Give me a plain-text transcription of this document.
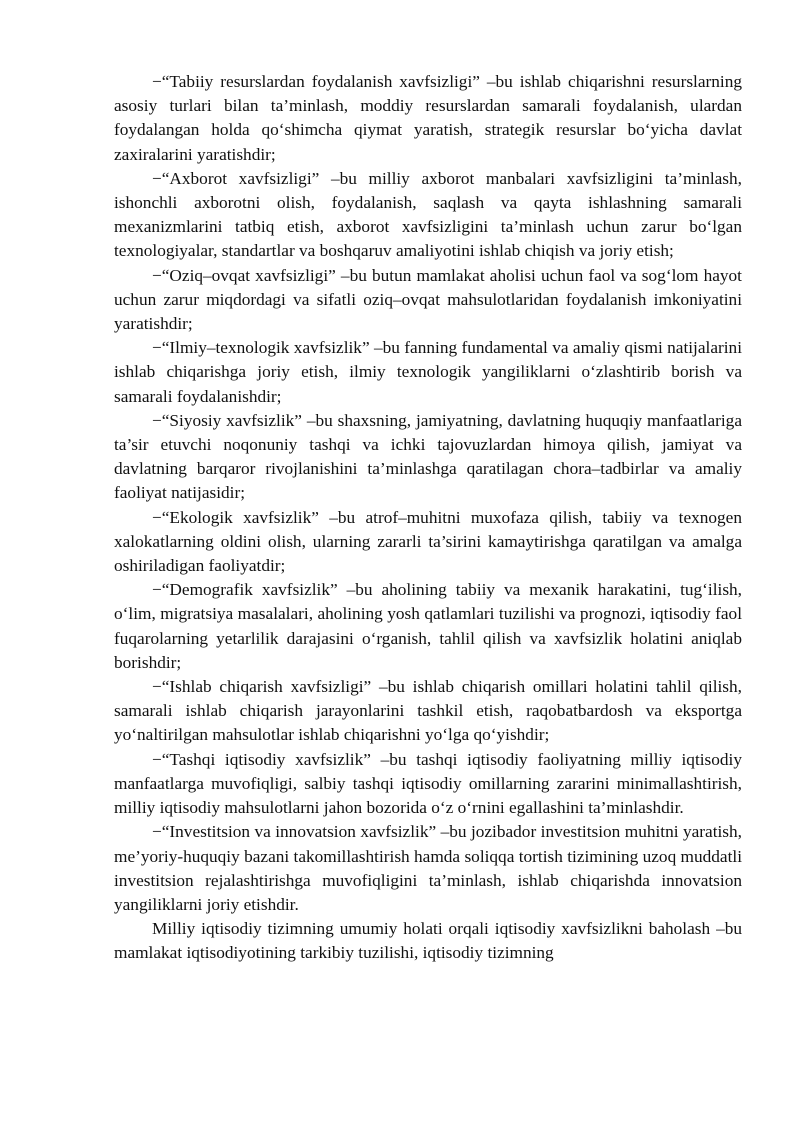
−“Tabiiy resurslardan foydalanish xavfsizligi” –bu ishlab chiqarishni resurslarning asosiy turlari bilan ta’minlash, moddiy resurslardan samarali foydalanish, ulardan foydalangan holda qo‘shimcha qiymat yaratish, strategik resurslar bo‘yicha davlat zaxiralarini yaratishdir;

−“Axborot xavfsizligi” –bu milliy axborot manbalari xavfsizligini ta’minlash, ishonchli axborotni olish, foydalanish, saqlash va qayta ishlashning samarali mexanizmlarini tatbiq etish, axborot xavfsizligini ta’minlash uchun zarur bo‘lgan texnologiyalar, standartlar va boshqaruv amaliyotini ishlab chiqish va joriy etish;

−“Oziq–ovqat xavfsizligi” –bu butun mamlakat aholisi uchun faol va sog‘lom hayot uchun zarur miqdordagi va sifatli oziq–ovqat mahsulotlaridan foydalanish imkoniyatini yaratishdir;

−“Ilmiy–texnologik xavfsizlik” –bu fanning fundamental va amaliy qismi natijalarini ishlab chiqarishga joriy etish, ilmiy texnologik yangiliklarni o‘zlashtirib borish va samarali foydalanishdir;

−“Siyosiy xavfsizlik” –bu shaxsning, jamiyatning, davlatning huquqiy manfaatlariga ta’sir etuvchi noqonuniy tashqi va ichki tajovuzlardan himoya qilish, jamiyat va davlatning barqaror rivojlanishini ta’minlashga qaratilagan chora–tadbirlar va amaliy faoliyat natijasidir;

−“Ekologik xavfsizlik” –bu atrof–muhitni muxofaza qilish, tabiiy va texnogen xalokatlarning oldini olish, ularning zararli ta’sirini kamaytirishga qaratilgan va amalga oshiriladigan faoliyatdir;

−“Demografik xavfsizlik” –bu aholining tabiiy va mexanik harakatini, tug‘ilish, o‘lim, migratsiya masalalari, aholining yosh qatlamlari tuzilishi va prognozi, iqtisodiy faol fuqarolarning yetarlilik darajasini o‘rganish, tahlil qilish va xavfsizlik holatini aniqlab borishdir;

−“Ishlab chiqarish xavfsizligi” –bu ishlab chiqarish omillari holatini tahlil qilish, samarali ishlab chiqarish jarayonlarini tashkil etish, raqobatbardosh va eksportga yo‘naltirilgan mahsulotlar ishlab chiqarishni yo‘lga qo‘yishdir;

−“Tashqi iqtisodiy xavfsizlik” –bu tashqi iqtisodiy faoliyatning milliy iqtisodiy manfaatlarga muvofiqligi, salbiy tashqi iqtisodiy omillarning zararini minimallashtirish, milliy iqtisodiy mahsulotlarni jahon bozorida o‘z o‘rnini egallashini ta’minlashdir.

−“Investitsion va innovatsion xavfsizlik” –bu jozibador investitsion muhitni yaratish, me’yoriy-huquqiy bazani takomillashtirish hamda soliqqa tortish tizimining uzoq muddatli investitsion rejalashtirishga muvofiqligini ta’minlash, ishlab chiqarishda innovatsion yangiliklarni joriy etishdir.

Milliy iqtisodiy tizimning umumiy holati orqali iqtisodiy xavfsizlikni baholash –bu mamlakat iqtisodiyotining tarkibiy tuzilishi, iqtisodiy tizimning
